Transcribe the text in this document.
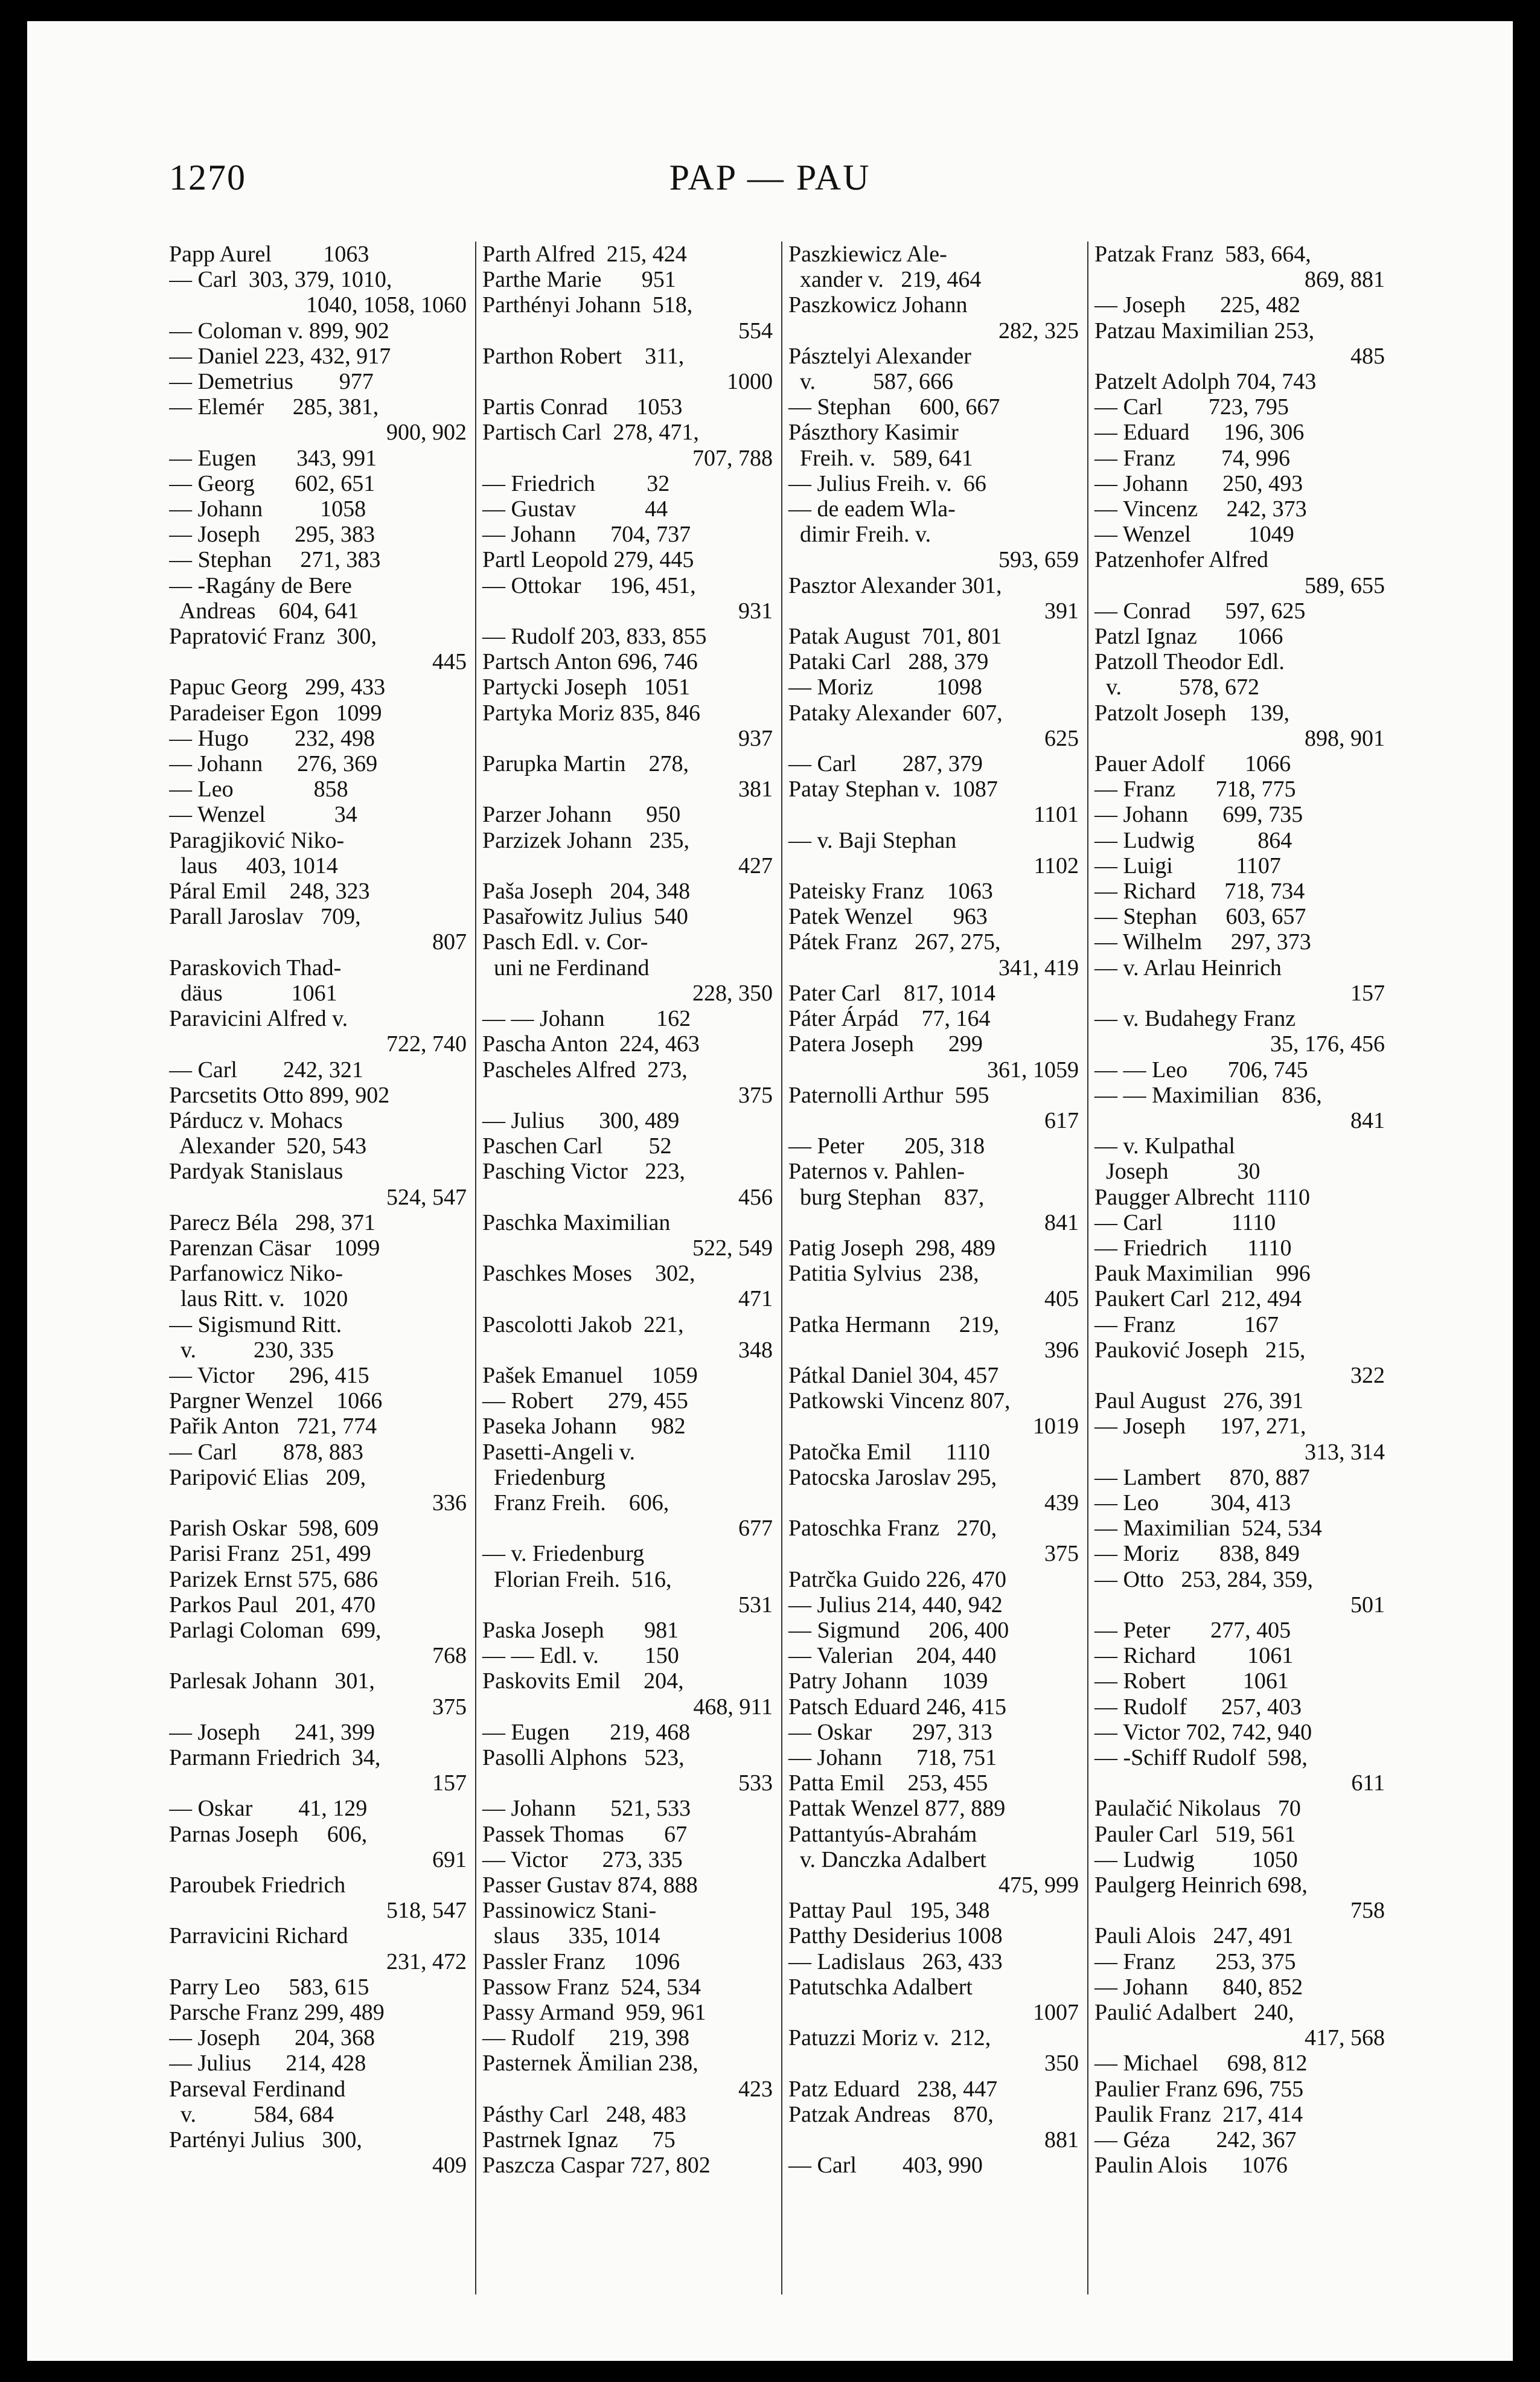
1270	PAP — PAU
Papp Aurel         1063
— Carl  303, 379, 1010,
1040, 1058, 1060
— Coloman v. 899, 902
— Daniel 223, 432, 917
— Demetrius        977
— Elemér     285, 381,
900, 902
— Eugen       343, 991
— Georg       602, 651
— Johann          1058
— Joseph      295, 383
— Stephan     271, 383
— -Ragány de Bere
Andreas    604, 641
Papratović Franz  300,
445
Papuc Georg   299, 433
Paradeiser Egon   1099
— Hugo        232, 498
— Johann      276, 369
— Leo              858
— Wenzel            34
Paragjiković Niko-
laus     403, 1014
Páral Emil    248, 323
Parall Jaroslav   709,
807
Paraskovich Thad-
däus            1061
Paravicini Alfred v.
722, 740
— Carl        242, 321
Parcsetits Otto 899, 902
Párducz v. Mohacs
Alexander  520, 543
Pardyak Stanislaus
524, 547
Parecz Béla   298, 371
Parenzan Cäsar    1099
Parfanowicz Niko-
laus Ritt. v.   1020
— Sigismund Ritt.
v.          230, 335
— Victor      296, 415
Pargner Wenzel    1066
Pařik Anton   721, 774
— Carl        878, 883
Paripović Elias   209,
336
Parish Oskar  598, 609
Parisi Franz  251, 499
Parizek Ernst 575, 686
Parkos Paul   201, 470
Parlagi Coloman   699,
768
Parlesak Johann   301,
375
— Joseph      241, 399
Parmann Friedrich  34,
157
— Oskar        41, 129
Parnas Joseph     606,
691
Paroubek Friedrich
518, 547
Parravicini Richard
231, 472
Parry Leo     583, 615
Parsche Franz 299, 489
— Joseph      204, 368
— Julius      214, 428
Parseval Ferdinand
v.          584, 684
Partényi Julius   300,
409
Parth Alfred  215, 424
Parthe Marie       951
Parthényi Johann  518,
554
Parthon Robert    311,
1000
Partis Conrad     1053
Partisch Carl  278, 471,
707, 788
— Friedrich         32
— Gustav            44
— Johann      704, 737
Partl Leopold 279, 445
— Ottokar     196, 451,
931
— Rudolf 203, 833, 855
Partsch Anton 696, 746
Partycki Joseph   1051
Partyka Moriz 835, 846
937
Parupka Martin    278,
381
Parzer Johann      950
Parzizek Johann   235,
427
Paša Joseph   204, 348
Pasařowitz Julius  540
Pasch Edl. v. Cor-
uni ne Ferdinand
228, 350
— — Johann         162
Pascha Anton  224, 463
Pascheles Alfred  273,
375
— Julius      300, 489
Paschen Carl        52
Pasching Victor   223,
456
Paschka Maximilian
522, 549
Paschkes Moses    302,
471
Pascolotti Jakob  221,
348
Pašek Emanuel     1059
— Robert      279, 455
Paseka Johann      982
Pasetti-Angeli v.
Friedenburg
Franz Freih.    606,
677
— v. Friedenburg
Florian Freih.  516,
531
Paska Joseph       981
— — Edl. v.        150
Paskovits Emil    204,
468, 911
— Eugen       219, 468
Pasolli Alphons   523,
533
— Johann      521, 533
Passek Thomas       67
— Victor      273, 335
Passer Gustav 874, 888
Passinowicz Stani-
slaus     335, 1014
Passler Franz     1096
Passow Franz  524, 534
Passy Armand  959, 961
— Rudolf      219, 398
Pasternek Ämilian 238,
423
Pásthy Carl   248, 483
Pastrnek Ignaz      75
Paszcza Caspar 727, 802
Paszkiewicz Ale-
xander v.   219, 464
Paszkowicz Johann
282, 325
Pásztelyi Alexander
v.          587, 666
— Stephan     600, 667
Pászthory Kasimir
Freih. v.   589, 641
— Julius Freih. v.  66
— de eadem Wla-
dimir Freih. v.
593, 659
Pasztor Alexander 301,
391
Patak August  701, 801
Pataki Carl   288, 379
— Moriz           1098
Pataky Alexander  607,
625
— Carl        287, 379
Patay Stephan v.  1087
1101
— v. Baji Stephan
1102
Pateisky Franz    1063
Patek Wenzel       963
Pátek Franz   267, 275,
341, 419
Pater Carl    817, 1014
Páter Árpád    77, 164
Patera Joseph      299
361, 1059
Paternolli Arthur  595
617
— Peter       205, 318
Paternos v. Pahlen-
burg Stephan    837,
841
Patig Joseph  298, 489
Patitia Sylvius   238,
405
Patka Hermann     219,
396
Pátkal Daniel 304, 457
Patkowski Vincenz 807,
1019
Patočka Emil      1110
Patocska Jaroslav 295,
439
Patoschka Franz   270,
375
Patrčka Guido 226, 470
— Julius 214, 440, 942
— Sigmund     206, 400
— Valerian    204, 440
Patry Johann      1039
Patsch Eduard 246, 415
— Oskar       297, 313
— Johann      718, 751
Patta Emil    253, 455
Pattak Wenzel 877, 889
Pattantyús-Abrahám
v. Danczka Adalbert
475, 999
Pattay Paul   195, 348
Patthy Desiderius 1008
— Ladislaus   263, 433
Patutschka Adalbert
1007
Patuzzi Moriz v.  212,
350
Patz Eduard   238, 447
Patzak Andreas    870,
881
— Carl        403, 990
Patzak Franz  583, 664,
869, 881
— Joseph      225, 482
Patzau Maximilian 253,
485
Patzelt Adolph 704, 743
— Carl        723, 795
— Eduard      196, 306
— Franz        74, 996
— Johann      250, 493
— Vincenz     242, 373
— Wenzel          1049
Patzenhofer Alfred
589, 655
— Conrad      597, 625
Patzl Ignaz       1066
Patzoll Theodor Edl.
v.          578, 672
Patzolt Joseph    139,
898, 901
Pauer Adolf       1066
— Franz       718, 775
— Johann      699, 735
— Ludwig           864
— Luigi           1107
— Richard     718, 734
— Stephan     603, 657
— Wilhelm     297, 373
— v. Arlau Heinrich
157
— v. Budahegy Franz
35, 176, 456
— — Leo       706, 745
— — Maximilian    836,
841
— v. Kulpathal
Joseph            30
Paugger Albrecht  1110
— Carl            1110
— Friedrich       1110
Pauk Maximilian    996
Paukert Carl  212, 494
— Franz            167
Pauković Joseph   215,
322
Paul August   276, 391
— Joseph      197, 271,
313, 314
— Lambert     870, 887
— Leo         304, 413
— Maximilian  524, 534
— Moriz       838, 849
— Otto   253, 284, 359,
501
— Peter       277, 405
— Richard         1061
— Robert          1061
— Rudolf      257, 403
— Victor 702, 742, 940
— -Schiff Rudolf  598,
611
Paulačić Nikolaus   70
Pauler Carl   519, 561
— Ludwig          1050
Paulgerg Heinrich 698,
758
Pauli Alois   247, 491
— Franz       253, 375
— Johann      840, 852
Paulić Adalbert   240,
417, 568
— Michael     698, 812
Paulier Franz 696, 755
Paulik Franz  217, 414
— Géza        242, 367
Paulin Alois      1076
